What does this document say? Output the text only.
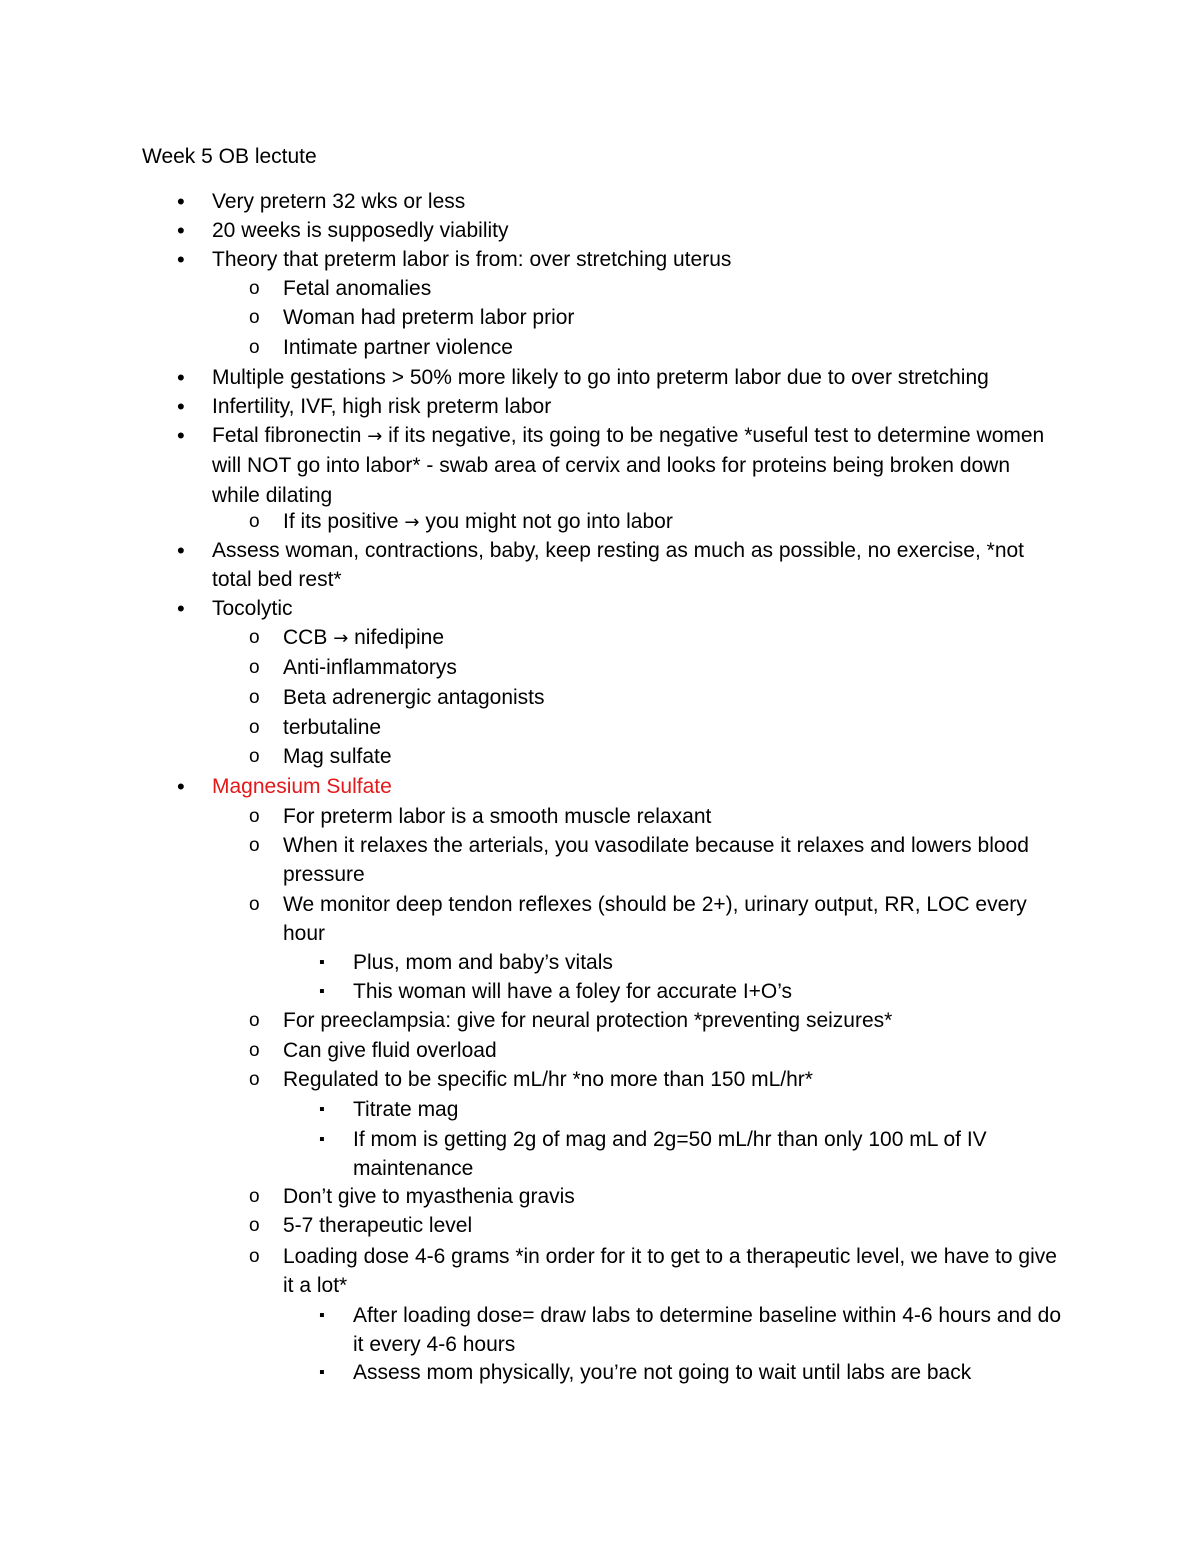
Week 5 OB lectute
• Very pretern 32 wks or less
• 20 weeks is supposedly viability
• Theory that preterm labor is from: over stretching uterus
o Fetal anomalies
o Woman had preterm labor prior
o Intimate partner violence
• Multiple gestations > 50% more likely to go into preterm labor due to over stretching
• Infertility, IVF, high risk preterm labor
• Fetal fibronectin → if its negative, its going to be negative *useful test to determine women will NOT go into labor* - swab area of cervix and looks for proteins being broken down while dilating
o If its positive → you might not go into labor
• Assess woman, contractions, baby, keep resting as much as possible, no exercise, *not total bed rest*
• Tocolytic
o CCB → nifedipine
o Anti-inflammatorys
o Beta adrenergic antagonists
o terbutaline
o Mag sulfate
• Magnesium Sulfate
o For preterm labor is a smooth muscle relaxant
o When it relaxes the arterials, you vasodilate because it relaxes and lowers blood pressure
o We monitor deep tendon reflexes (should be 2+), urinary output, RR, LOC every hour
▪ Plus, mom and baby’s vitals
▪ This woman will have a foley for accurate I+O’s
o For preeclampsia: give for neural protection *preventing seizures*
o Can give fluid overload
o Regulated to be specific mL/hr *no more than 150 mL/hr*
▪ Titrate mag
▪ If mom is getting 2g of mag and 2g=50 mL/hr than only 100 mL of IV maintenance
o Don’t give to myasthenia gravis
o 5-7 therapeutic level
o Loading dose 4-6 grams *in order for it to get to a therapeutic level, we have to give it a lot*
▪ After loading dose= draw labs to determine baseline within 4-6 hours and do it every 4-6 hours
▪ Assess mom physically, you’re not going to wait until labs are back
